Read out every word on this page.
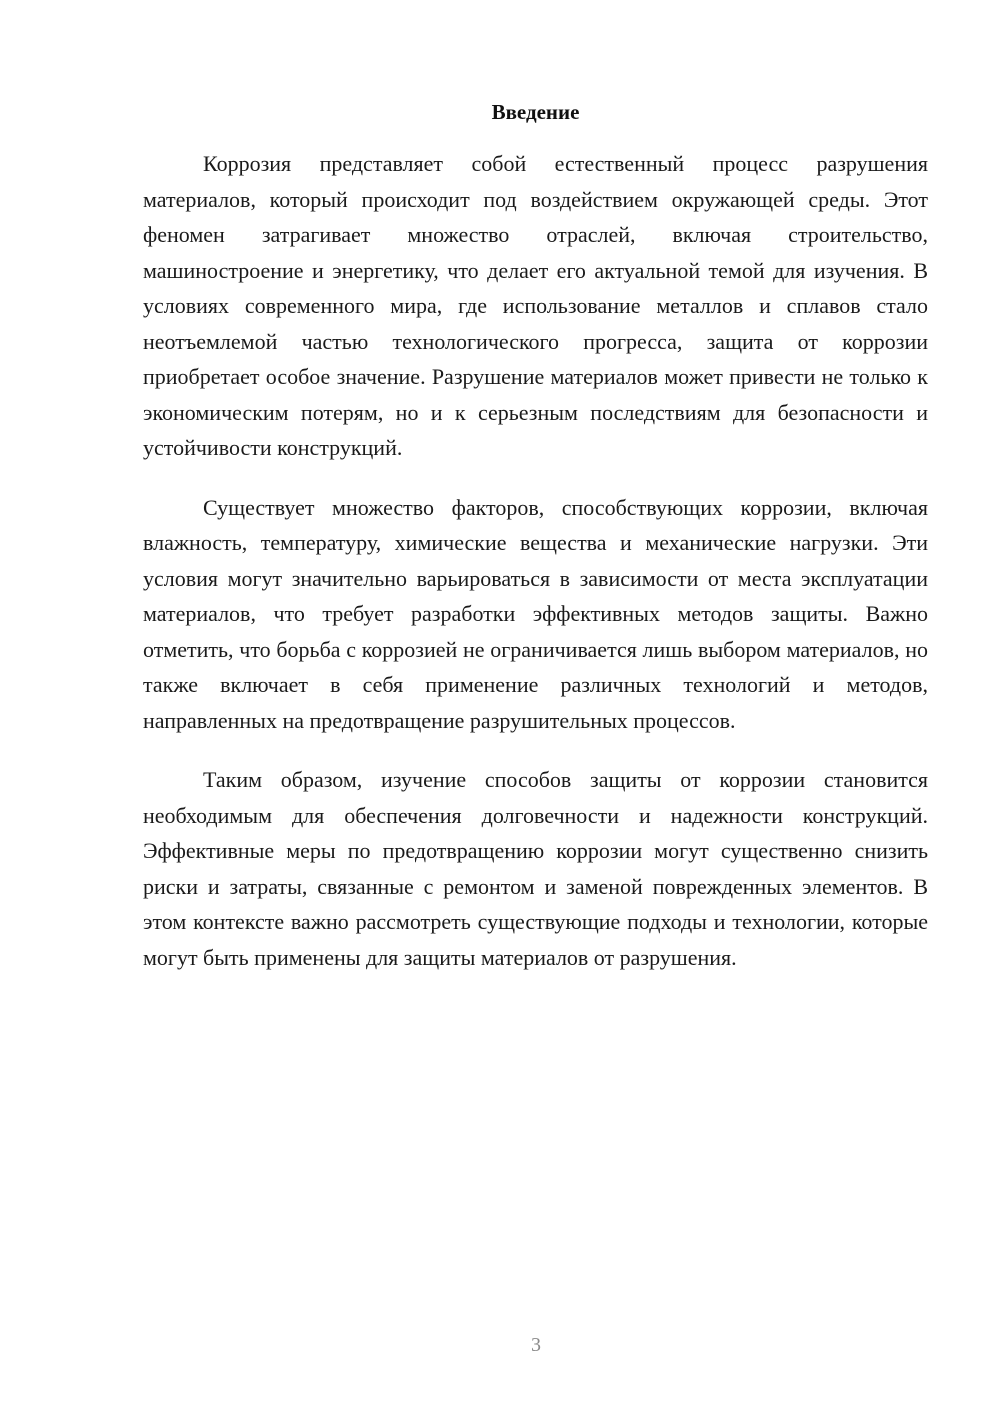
Введение

Коррозия представляет собой естественный процесс разрушения материалов, который происходит под воздействием окружающей среды. Этот феномен затрагивает множество отраслей, включая строительство, машиностроение и энергетику, что делает его актуальной темой для изучения. В условиях современного мира, где использование металлов и сплавов стало неотъемлемой частью технологического прогресса, защита от коррозии приобретает особое значение. Разрушение материалов может привести не только к экономическим потерям, но и к серьезным последствиям для безопасности и устойчивости конструкций.

Существует множество факторов, способствующих коррозии, включая влажность, температуру, химические вещества и механические нагрузки. Эти условия могут значительно варьироваться в зависимости от места эксплуатации материалов, что требует разработки эффективных методов защиты. Важно отметить, что борьба с коррозией не ограничивается лишь выбором материалов, но также включает в себя применение различных технологий и методов, направленных на предотвращение разрушительных процессов.

Таким образом, изучение способов защиты от коррозии становится необходимым для обеспечения долговечности и надежности конструкций. Эффективные меры по предотвращению коррозии могут существенно снизить риски и затраты, связанные с ремонтом и заменой поврежденных элементов. В этом контексте важно рассмотреть существующие подходы и технологии, которые могут быть применены для защиты материалов от разрушения.

3
